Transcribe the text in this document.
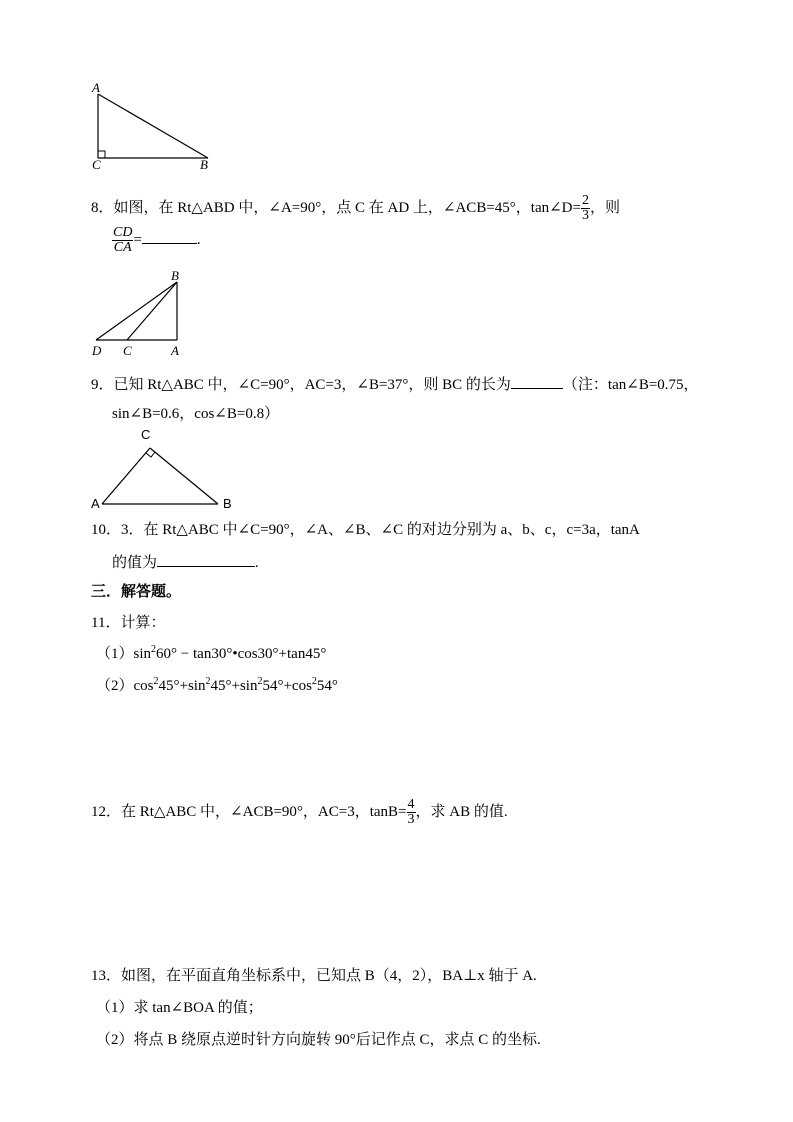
A
C	B
8．如图，在 Rt△ABD 中，∠A=90°，点 C 在 AD 上，∠ACB=45°，tan∠D= $\frac{2}{3}$ ，则
$\frac{CD}{CA}$ =	.
B
D C	A
9．已知 Rt△ABC 中，∠C=90°，AC=3，∠B=37°，则 BC 的长为	（注：tan∠B=0.75，
sin∠B=0.6，cos∠B=0.8）
C
A	B
10．3．在 Rt△ABC 中∠C=90°，∠A、∠B、∠C 的对边分别为 a、b、c，c=3a，tanA
的值为	.
三．解答题。
11．计算：
$(1)\sin^260^\circ$ − tan30°•cos30°+tan45°
$(2)\cos^245^\circ+\sin^245^\circ+\sin^254^\circ+\cos^254^\circ$
12．在 Rt△ABC 中，∠ACB=90°，AC=3，$\tan B= \frac{4}{3}$ ，求 AB 的值.
13．如图，在平面直角坐标系中，已知点 B（4，2），BA⊥x 轴于 A.
（1）求 tan∠BOA 的值；
（2）将点 B 绕原点逆时针方向旋转 90°后记作点 C，求点 C 的坐标.
